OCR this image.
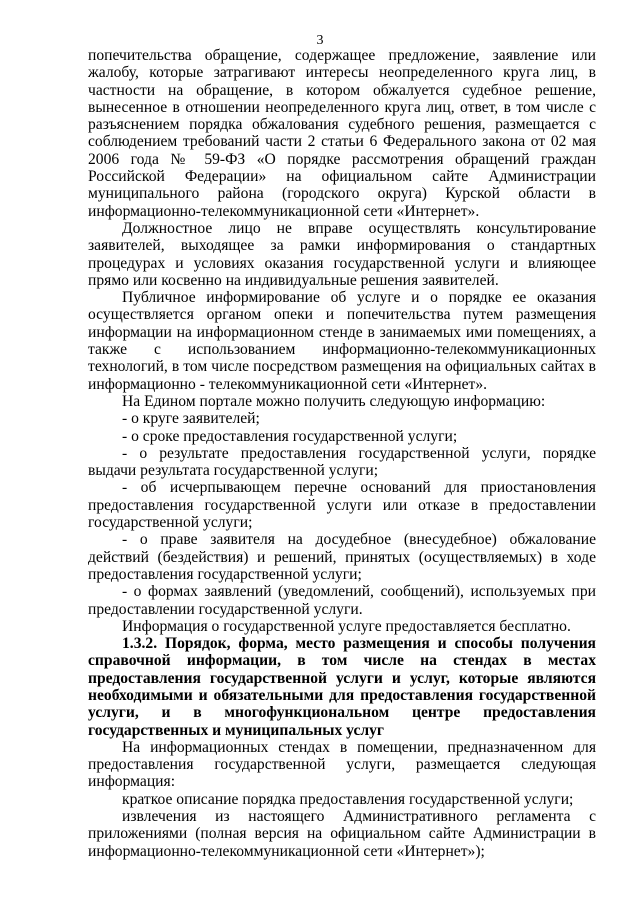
3

попечительства обращение, содержащее предложение, заявление или жалобу, которые затрагивают интересы неопределенного круга лиц, в частности на обращение, в котором обжалуется судебное решение, вынесенное в отношении неопределенного круга лиц, ответ, в том числе с разъяснением порядка обжалования судебного решения, размещается с соблюдением требований части 2 статьи 6 Федерального закона от 02 мая 2006 года № 59-ФЗ «О порядке рассмотрения обращений граждан Российской Федерации» на официальном сайте Администрации муниципального района (городского округа) Курской области в информационно-телекоммуникационной сети «Интернет».

Должностное лицо не вправе осуществлять консультирование заявителей, выходящее за рамки информирования о стандартных процедурах и условиях оказания государственной услуги и влияющее прямо или косвенно на индивидуальные решения заявителей.

Публичное информирование об услуге и о порядке ее оказания осуществляется органом опеки и попечительства путем размещения информации на информационном стенде в занимаемых ими помещениях, а также с использованием информационно-телекоммуникационных технологий, в том числе посредством размещения на официальных сайтах в информационно - телекоммуникационной сети «Интернет».

На Едином портале можно получить следующую информацию:

- о круге заявителей;

- о сроке предоставления государственной услуги;

- о результате предоставления государственной услуги, порядке выдачи результата государственной услуги;

- об исчерпывающем перечне оснований для приостановления предоставления государственной услуги или отказе в предоставлении государственной услуги;

- о праве заявителя на досудебное (внесудебное) обжалование действий (бездействия) и решений, принятых (осуществляемых) в ходе предоставления государственной услуги;

- о формах заявлений (уведомлений, сообщений), используемых при предоставлении государственной услуги.

Информация о государственной услуге предоставляется бесплатно.

1.3.2. Порядок, форма, место размещения и способы получения справочной информации, в том числе на стендах в местах предоставления государственной услуги и услуг, которые являются необходимыми и обязательными для предоставления государственной услуги, и в многофункциональном центре предоставления государственных и муниципальных услуг

На информационных стендах в помещении, предназначенном для предоставления государственной услуги, размещается следующая информация:

краткое описание порядка предоставления государственной услуги;

извлечения из настоящего Административного регламента с приложениями (полная версия на официальном сайте Администрации в информационно-телекоммуникационной сети «Интернет»);
